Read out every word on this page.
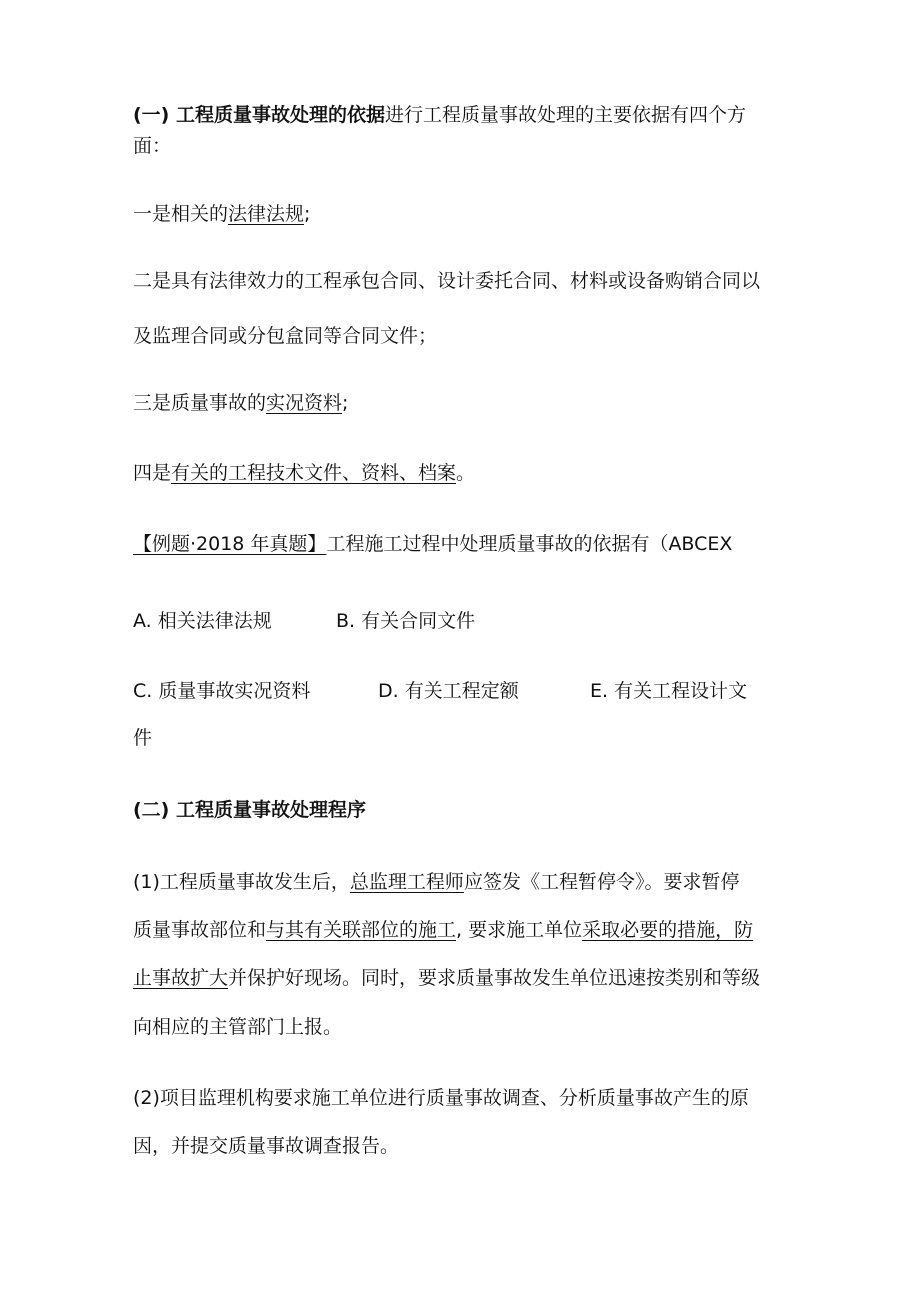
(一) 工程质量事故处理的依据进行工程质量事故处理的主要依据有四个方

面：

一是相关的法律法规;

二是具有法律效力的工程承包合同、设计委托合同、材料或设备购销合同以

及监理合同或分包盒同等合同文件；

三是质量事故的实况资料;

四是有关的工程技术文件、资料、档案。

【例题·2018 年真题】工程施工过程中处理质量事故的依据有（ABCEX

A. 相关法律法规	B. 有关合同文件
C. 质量事故实况资料	D. 有关工程定额	E. 有关工程设计文
件

(二) 工程质量事故处理程序

(1)工程质量事故发生后，总监理工程师应签发《工程暂停令》。要求暂停

质量事故部位和与其有关联部位的施工, 要求施工单位采取必要的措施，防

止事故扩大并保护好现场。同时，要求质量事故发生单位迅速按类别和等级

向相应的主管部门上报。

(2)项目监理机构要求施工单位进行质量事故调查、分析质量事故产生的原

因，并提交质量事故调查报告。
